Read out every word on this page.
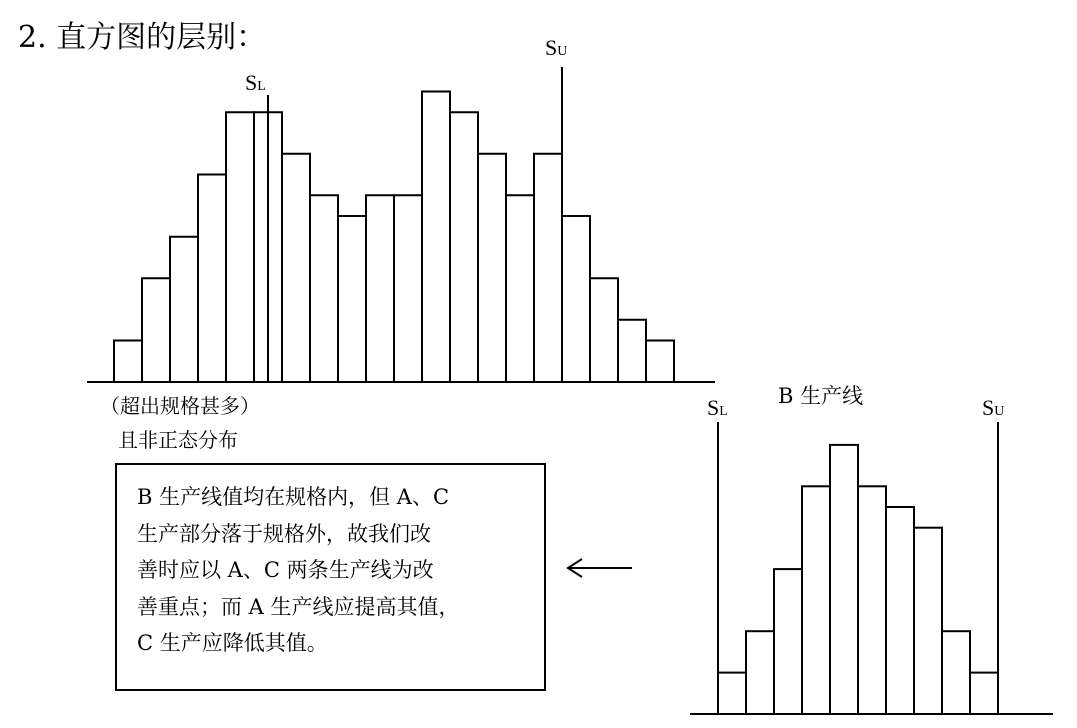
2. 直方图的层别：
SL
SU
（超出规格甚多）
且非正态分布
B 生产线
SL	SU
B 生产线值均在规格内，但 A、C
生产部分落于规格外，故我们改
善时应以 A、C 两条生产线为改
善重点；而 A 生产线应提高其值，
C 生产应降低其值。
